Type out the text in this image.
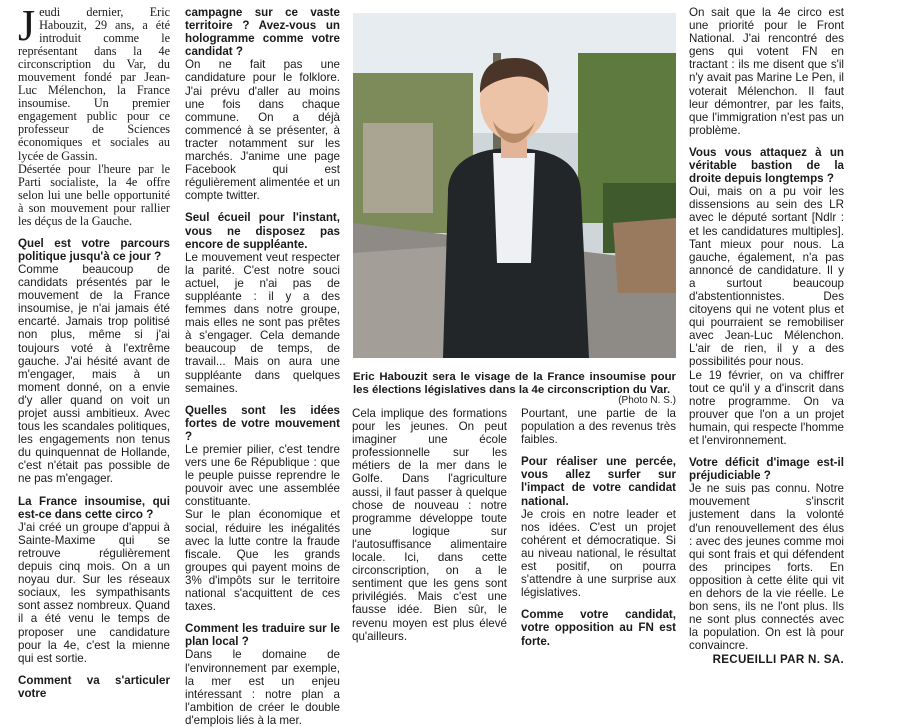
Jeudi dernier, Eric Habouzit, 29 ans, a été introduit comme le représentant dans la 4e circonscription du Var, du mouvement fondé par Jean-Luc Mélenchon, la France insoumise. Un premier engagement public pour ce professeur de Sciences économiques et sociales au lycée de Gassin.

Désertée pour l'heure par le Parti socialiste, la 4e offre selon lui une belle opportunité à son mouvement pour rallier les déçus de la Gauche.

Quel est votre parcours politique jusqu'à ce jour ?

Comme beaucoup de candidats présentés par le mouvement de la France insoumise, je n'ai jamais été encarté. Jamais trop politisé non plus, même si j'ai toujours voté à l'extrême gauche. J'ai hésité avant de m'engager, mais à un moment donné, on a envie d'y aller quand on voit un projet aussi ambitieux. Avec tous les scandales politiques, les engagements non tenus du quinquennat de Hollande, c'est n'était pas possible de ne pas m'engager.

La France insoumise, qui est-ce dans cette circo ?

J'ai créé un groupe d'appui à Sainte-Maxime qui se retrouve régulièrement depuis cinq mois. On a un noyau dur. Sur les réseaux sociaux, les sympathisants sont assez nombreux. Quand il a été venu le temps de proposer une candidature pour la 4e, c'est la mienne qui est sortie.

Comment va s'articuler votre

campagne sur ce vaste territoire ? Avez-vous un hologramme comme votre candidat ?

On ne fait pas une candidature pour le folklore. J'ai prévu d'aller au moins une fois dans chaque commune. On a déjà commencé à se présenter, à tracter notamment sur les marchés. J'anime une page Facebook qui est régulièrement alimentée et un compte twitter.

Seul écueil pour l'instant, vous ne disposez pas encore de suppléante.

Le mouvement veut respecter la parité. C'est notre souci actuel, je n'ai pas de suppléante : il y a des femmes dans notre groupe, mais elles ne sont pas prêtes à s'engager. Cela demande beaucoup de temps, de travail... Mais on aura une suppléante dans quelques semaines.

Quelles sont les idées fortes de votre mouvement ?

Le premier pilier, c'est tendre vers une 6e République : que le peuple puisse reprendre le pouvoir avec une assemblée constituante.

Sur le plan économique et social, réduire les inégalités avec la lutte contre la fraude fiscale. Que les grands groupes qui payent moins de 3% d'impôts sur le territoire national s'acquittent de ces taxes.

Comment les traduire sur le plan local ?

Dans le domaine de l'environnement par exemple, la mer est un enjeu intéressant : notre plan a l'ambition de créer le double d'emplois liés à la mer.

Eric Habouzit sera le visage de la France insoumise pour les élections législatives dans la 4e circonscription du Var.

(Photo N. S.)

Cela implique des formations pour les jeunes. On peut imaginer une école professionnelle sur les métiers de la mer dans le Golfe. Dans l'agriculture aussi, il faut passer à quelque chose de nouveau : notre programme développe toute une logique sur l'autosuffisance alimentaire locale. Ici, dans cette circonscription, on a le sentiment que les gens sont privilégiés. Mais c'est une fausse idée. Bien sûr, le revenu moyen est plus élevé qu'ailleurs.

Pourtant, une partie de la population a des revenus très faibles.

Pour réaliser une percée, vous allez surfer sur l'impact de votre candidat national.

Je crois en notre leader et nos idées. C'est un projet cohérent et démocratique. Si au niveau national, le résultat est positif, on pourra s'attendre à une surprise aux législatives.

Comme votre candidat, votre opposition au FN est forte.

On sait que la 4e circo est une priorité pour le Front National. J'ai rencontré des gens qui votent FN en tractant : ils me disent que s'il n'y avait pas Marine Le Pen, il voterait Mélenchon. Il faut leur démontrer, par les faits, que l'immigration n'est pas un problème.

Vous vous attaquez à un véritable bastion de la droite depuis longtemps ?

Oui, mais on a pu voir les dissensions au sein des LR avec le député sortant [Ndlr : et les candidatures multiples]. Tant mieux pour nous. La gauche, également, n'a pas annoncé de candidature. Il y a surtout beaucoup d'abstentionnistes. Des citoyens qui ne votent plus et qui pourraient se remobiliser avec Jean-Luc Mélenchon. L'air de rien, il y a des possibilités pour nous.

Le 19 février, on va chiffrer tout ce qu'il y a d'inscrit dans notre programme. On va prouver que l'on a un projet humain, qui respecte l'homme et l'environnement.

Votre déficit d'image est-il préjudiciable ?

Je ne suis pas connu. Notre mouvement s'inscrit justement dans la volonté d'un renouvellement des élus : avec des jeunes comme moi qui sont frais et qui défendent des principes forts. En opposition à cette élite qui vit en dehors de la vie réelle. Le bon sens, ils ne l'ont plus. Ils ne sont plus connectés avec la population. On est là pour convaincre.

RECUEILLI PAR N. SA.
